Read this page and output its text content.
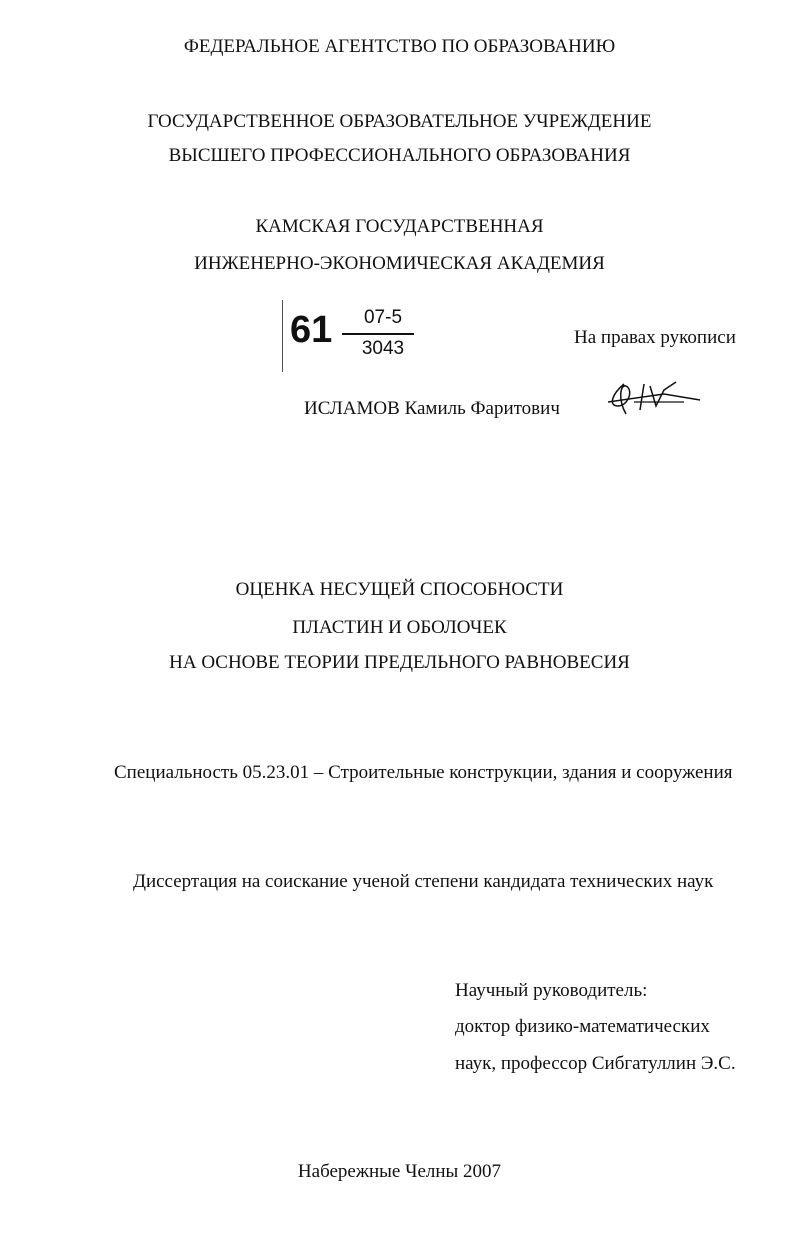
ФЕДЕРАЛЬНОЕ АГЕНТСТВО ПО ОБРАЗОВАНИЮ
ГОСУДАРСТВЕННОЕ ОБРАЗОВАТЕЛЬНОЕ УЧРЕЖДЕНИЕ
ВЫСШЕГО ПРОФЕССИОНАЛЬНОГО ОБРАЗОВАНИЯ
КАМСКАЯ ГОСУДАРСТВЕННАЯ
ИНЖЕНЕРНО-ЭКОНОМИЧЕСКАЯ АКАДЕМИЯ
61	07-5
3043
На правах рукописи
ИСЛАМОВ Камиль Фаритович
ОЦЕНКА НЕСУЩЕЙ СПОСОБНОСТИ
ПЛАСТИН И ОБОЛОЧЕК
НА ОСНОВЕ ТЕОРИИ ПРЕДЕЛЬНОГО РАВНОВЕСИЯ
Специальность 05.23.01 – Строительные конструкции, здания и сооружения
Диссертация на соискание ученой степени кандидата технических наук
Научный руководитель:
доктор физико-математических
наук, профессор Сибгатуллин Э.С.
Набережные Челны 2007
